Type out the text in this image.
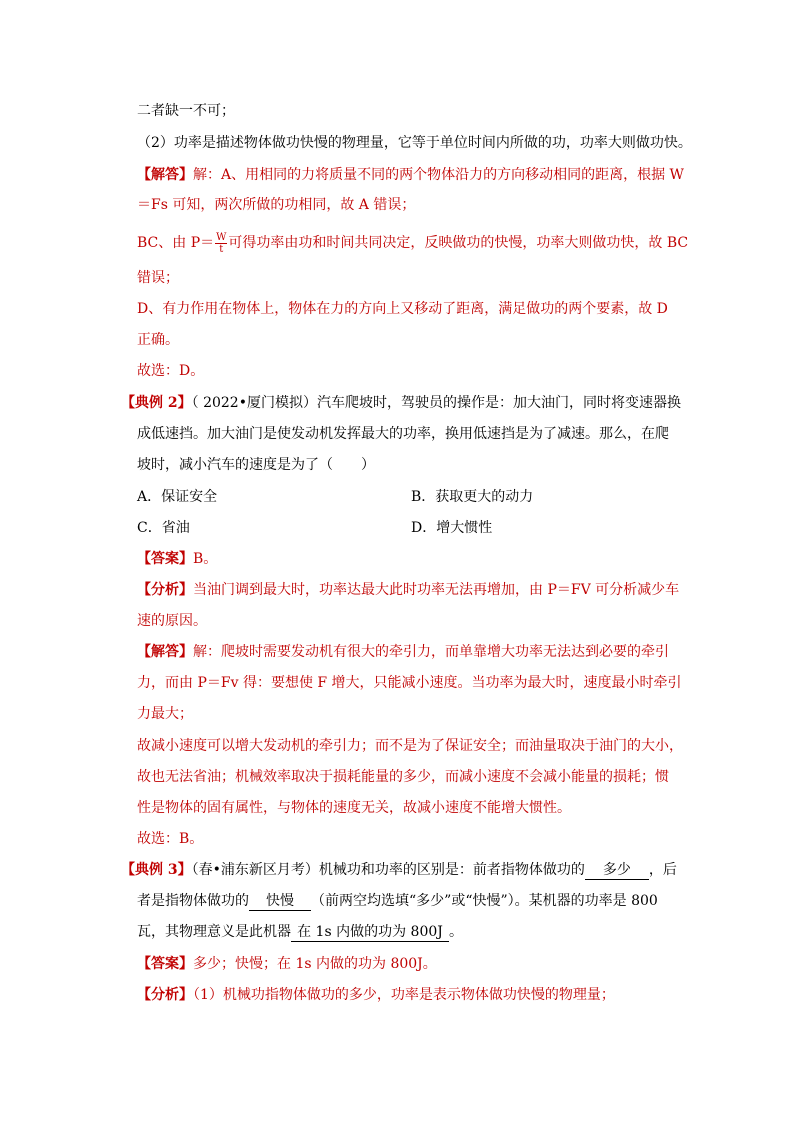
二者缺一不可；
（2）功率是描述物体做功快慢的物理量，它等于单位时间内所做的功，功率大则做功快。
【解答】解：A、用相同的力将质量不同的两个物体沿力的方向移动相同的距离，根据 W
＝Fs 可知，两次所做的功相同，故 A 错误；
BC、由 $P= \frac{W}{t}$ 可得功率由功和时间共同决定，反映做功的快慢，功率大则做功快，故 BC
错误；
D、有力作用在物体上，物体在力的方向上又移动了距离，满足做功的两个要素，故 D
正确。
故选：D。
【典例 2】（ 2022•厦门模拟）汽车爬坡时，驾驶员的操作是：加大油门，同时将变速器换
成低速挡。加大油门是使发动机发挥最大的功率，换用低速挡是为了减速。那么，在爬
坡时，减小汽车的速度是为了（　　）
A．保证安全	B．获取更大的动力
C．省油	D．增大惯性
【答案】B。
【分析】当油门调到最大时，功率达最大此时功率无法再增加，由 P＝FV 可分析减少车
速的原因。
【解答】解：爬坡时需要发动机有很大的牵引力，而单靠增大功率无法达到必要的牵引
力，而由 P＝Fv 得：要想使 F 增大，只能减小速度。当功率为最大时，速度最小时牵引
力最大；
故减小速度可以增大发动机的牵引力；而不是为了保证安全；而油量取决于油门的大小，
故也无法省油；机械效率取决于损耗能量的多少，而减小速度不会减小能量的损耗；惯
性是物体的固有属性，与物体的速度无关，故减小速度不能增大惯性。
故选：B。
【典例 3】（春•浦东新区月考）机械功和功率的区别是：前者指物体做功的 多少 ，后
者是指物体做功的 快慢 （前两空均选填“多少”或“快慢”）。某机器的功率是 800
瓦，其物理意义是此机器 在 1s 内做的功为 800J 。
【答案】多少；快慢；在 1s 内做的功为 800J。
【分析】（1）机械功指物体做功的多少，功率是表示物体做功快慢的物理量；
